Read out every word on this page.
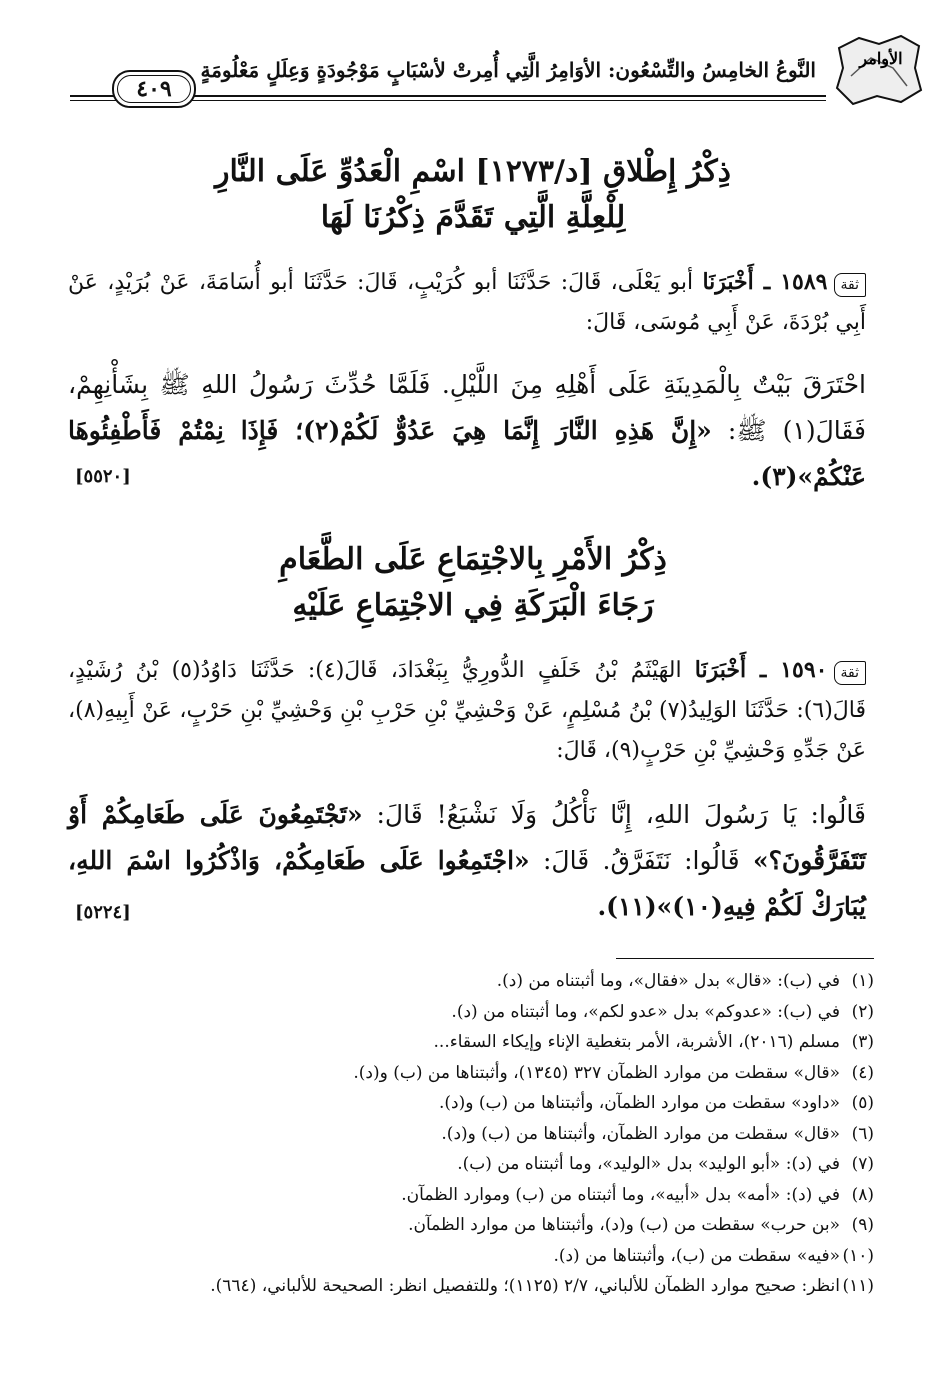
الأوامر
النَّوعُ الخامِسُ والتِّسْعُون: الأوَامِرُ الَّتِي أُمِرتْ لأسْبَابٍ مَوْجُودَةٍ وَعِلَلٍ مَعْلُومَةٍ
٤٠٩
ذِكْرُ إِطْلاقِ [د/١٢٧٣] اسْمِ الْعَدُوِّ عَلَى النَّارِ
لِلْعِلَّةِ الَّتِي تَقَدَّمَ ذِكْرُنَا لَهَا
ثقة١٥٨٩ ـ أَخْبَرَنَا أبو يَعْلَى، قَالَ: حَدَّثَنَا أبو كُرَيْبٍ، قَالَ: حَدَّثَنَا أبو أُسَامَةَ، عَنْ بُرَيْدٍ، عَنْ أَبِي بُرْدَةَ، عَنْ أَبِي مُوسَى، قَالَ:
احْتَرَقَ بَيْتٌ بِالْمَدِينَةِ عَلَى أَهْلِهِ مِنَ اللَّيْلِ. فَلَمَّا حُدِّثَ رَسُولُ اللهِ ﷺ بِشَأْنِهِمْ، فَقَالَ(١) ﷺ: «إِنَّ هَذِهِ النَّارَ إِنَّمَا هِيَ عَدُوٌّ لَكُمْ(٢)؛ فَإِذَا نِمْتُمْ فَأَطْفِئُوهَا عَنْكُمْ»(٣).
[٥٥٢٠]
ذِكْرُ الأَمْرِ بِالاجْتِمَاعِ عَلَى الطَّعَامِ
رَجَاءَ الْبَرَكَةِ فِي الاجْتِمَاعِ عَلَيْهِ
ثقة١٥٩٠ ـ أَخْبَرَنَا الهَيْثَمُ بْنُ خَلَفٍ الدُّورِيُّ بِبَغْدَادَ، قَالَ(٤): حَدَّثَنَا دَاوُدُ(٥) بْنُ رُشَيْدٍ، قَالَ(٦): حَدَّثَنَا الوَلِيدُ(٧) بْنُ مُسْلِمٍ، عَنْ وَحْشِيِّ بْنِ حَرْبِ بْنِ وَحْشِيِّ بْنِ حَرْبٍ، عَنْ أَبِيهِ(٨)، عَنْ جَدِّهِ وَحْشِيِّ بْنِ حَرْبٍ(٩)، قَالَ:
قَالُوا: يَا رَسُولَ اللهِ، إِنَّا نَأْكُلُ وَلَا نَشْبَعُ! قَالَ: «تَجْتَمِعُونَ عَلَى طَعَامِكُمْ أَوْ تَتَفَرَّقُونَ؟» قَالُوا: نَتَفَرَّقُ. قَالَ: «اجْتَمِعُوا عَلَى طَعَامِكُمْ، وَاذْكُرُوا اسْمَ اللهِ، يُبَارَكْ لَكُمْ فِيهِ(١٠)»(١١).
[٥٢٢٤]
(١)في (ب): «قال» بدل «فقال»، وما أثبتناه من (د).
(٢)في (ب): «عدوكم» بدل «عدو لكم»، وما أثبتناه من (د).
(٣)مسلم (٢٠١٦)، الأشربة، الأمر بتغطية الإناء وإيكاء السقاء...
(٤)«قال» سقطت من موارد الظمآن ٣٢٧ (١٣٤٥)، وأثبتناها من (ب) و(د).
(٥)«داود» سقطت من موارد الظمآن، وأثبتناها من (ب) و(د).
(٦)«قال» سقطت من موارد الظمآن، وأثبتناها من (ب) و(د).
(٧)في (د): «أبو الوليد» بدل «الوليد»، وما أثبتناه من (ب).
(٨)في (د): «أمه» بدل «أبيه»، وما أثبتناه من (ب) وموارد الظمآن.
(٩)«بن حرب» سقطت من (ب) و(د)، وأثبتناها من موارد الظمآن.
(١٠)«فيه» سقطت من (ب)، وأثبتناها من (د).
(١١)انظر: صحيح موارد الظمآن للألباني، ٢/٧ (١١٢٥)؛ وللتفصيل انظر: الصحيحة للألباني، (٦٦٤).
